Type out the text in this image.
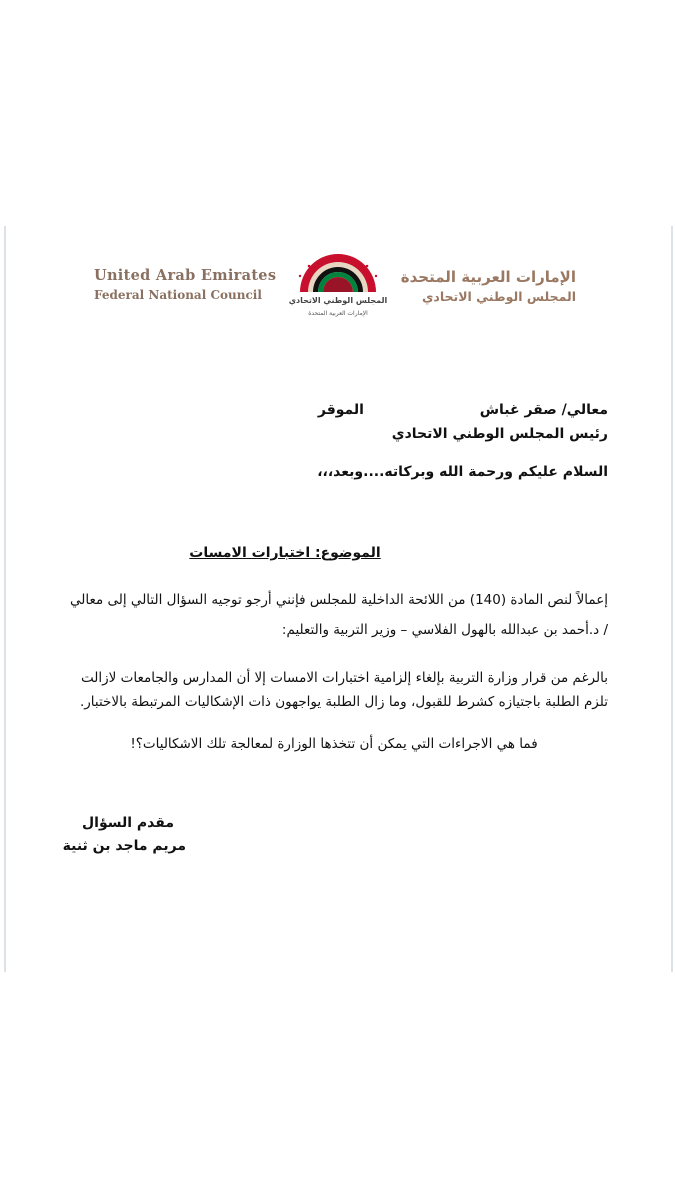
United Arab Emirates
Federal National Council	المجلس الوطني الاتحادي
الإمارات العربية المتحدة
الإمارات العربية المتحدة
المجلس الوطني الاتحادي
معالي/ صقر غباش
الموقر
رئيس المجلس الوطني الاتحادي
السلام عليكم ورحمة الله وبركاته....وبعد،،،
الموضوع: اختبارات الامسات
إعمالاً لنص المادة (140) من اللائحة الداخلية للمجلس فإنني أرجو توجيه السؤال التالي إلى معالي
/ د.أحمد بن عبدالله بالهول الفلاسي – وزير التربية والتعليم:
بالرغم من قرار وزارة التربية بإلغاء إلزامية اختبارات الامسات إلا أن المدارس والجامعات لازالت
تلزم الطلبة باجتيازه كشرط للقبول، وما زال الطلبة يواجهون ذات الإشكاليات المرتبطة بالاختبار.
فما هي الاجراءات التي يمكن أن تتخذها الوزارة لمعالجة تلك الاشكاليات؟!
مقدم السؤال
مريم ماجد بن ثنية
